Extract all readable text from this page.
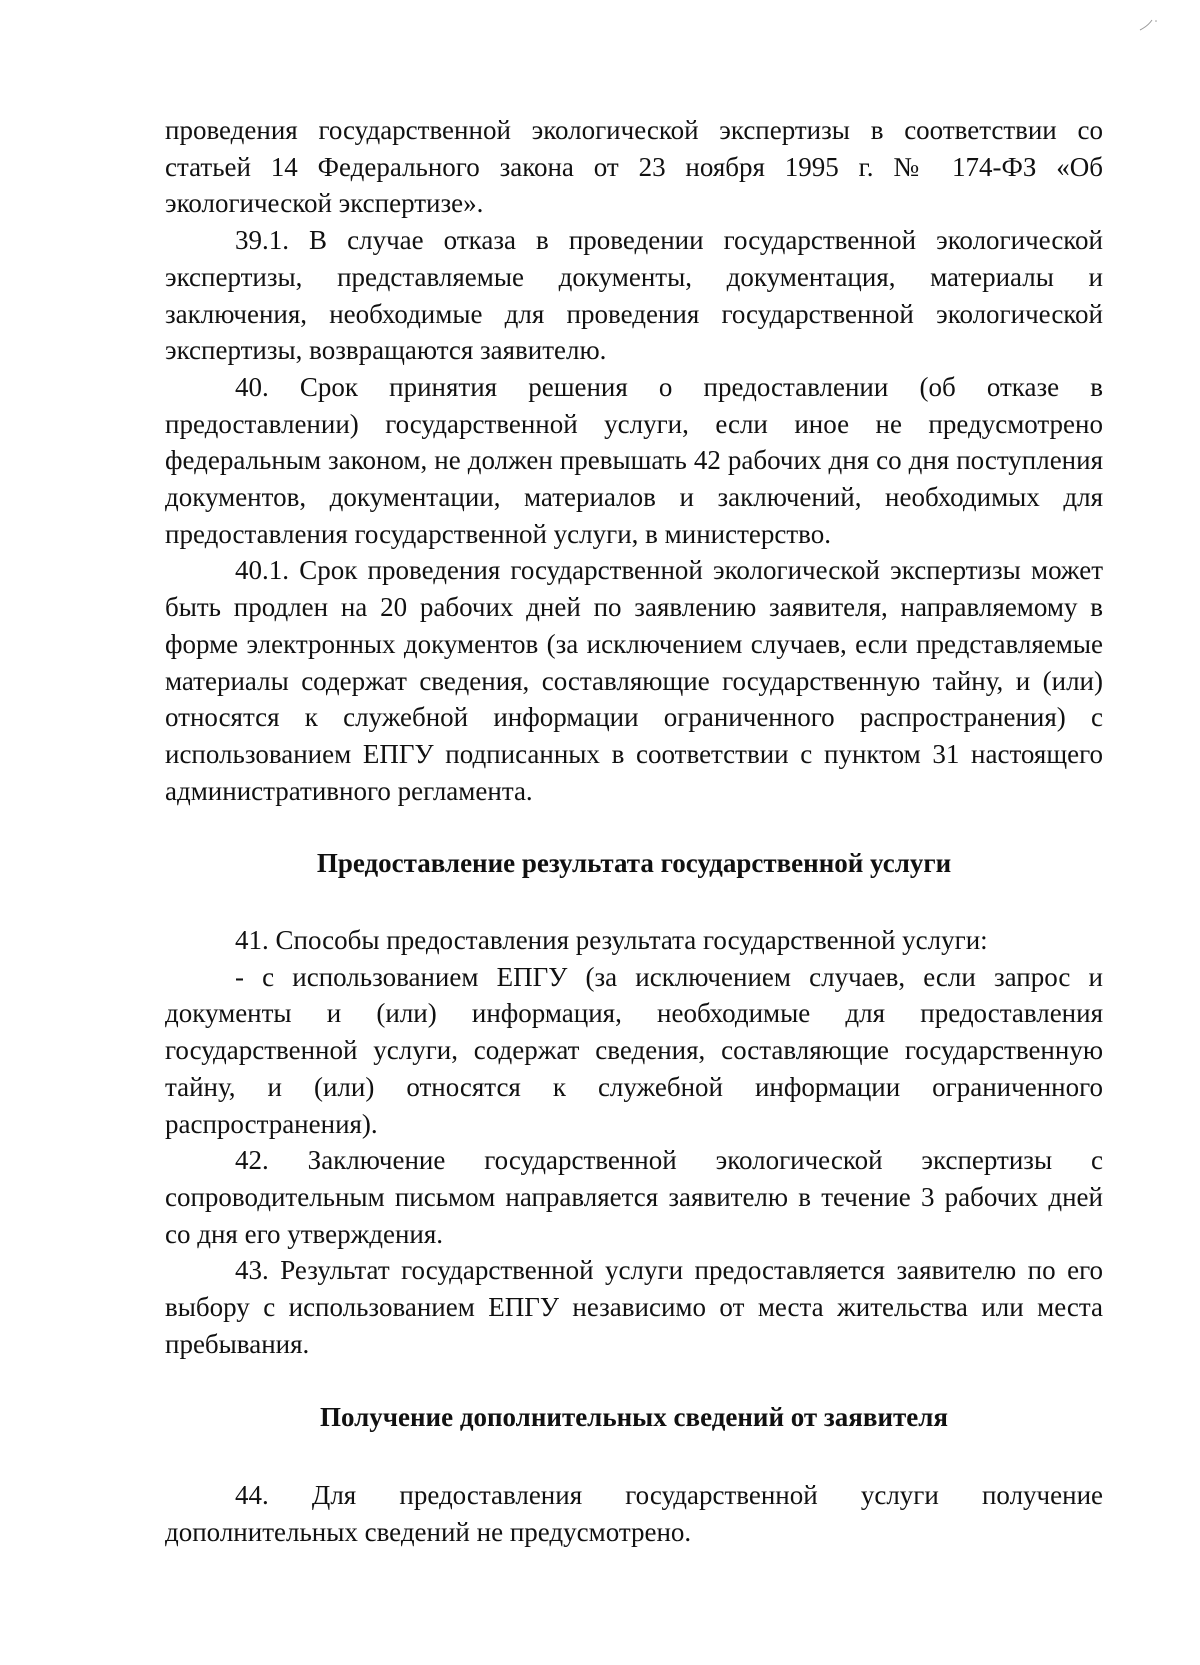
проведения государственной экологической экспертизы в соответствии со статьей 14 Федерального закона от 23 ноября 1995 г. № 174-ФЗ «Об экологической экспертизе».

39.1. В случае отказа в проведении государственной экологической экспертизы, представляемые документы, документация, материалы и заключения, необходимые для проведения государственной экологической экспертизы, возвращаются заявителю.

40. Срок принятия решения о предоставлении (об отказе в предоставлении) государственной услуги, если иное не предусмотрено федеральным законом, не должен превышать 42 рабочих дня со дня поступления документов, документации, материалов и заключений, необходимых для предоставления государственной услуги, в министерство.

40.1. Срок проведения государственной экологической экспертизы может быть продлен на 20 рабочих дней по заявлению заявителя, направляемому в форме электронных документов (за исключением случаев, если представляемые материалы содержат сведения, составляющие государственную тайну, и (или) относятся к служебной информации ограниченного распространения) с использованием ЕПГУ подписанных в соответствии с пунктом 31 настоящего административного регламента.

Предоставление результата государственной услуги

41. Способы предоставления результата государственной услуги:

- с использованием ЕПГУ (за исключением случаев, если запрос и документы и (или) информация, необходимые для предоставления государственной услуги, содержат сведения, составляющие государственную тайну, и (или) относятся к служебной информации ограниченного распространения).

42. Заключение государственной экологической экспертизы с сопроводительным письмом направляется заявителю в течение 3 рабочих дней со дня его утверждения.

43. Результат государственной услуги предоставляется заявителю по его выбору с использованием ЕПГУ независимо от места жительства или места пребывания.

Получение дополнительных сведений от заявителя

44. Для предоставления государственной услуги получение дополнительных сведений не предусмотрено.
